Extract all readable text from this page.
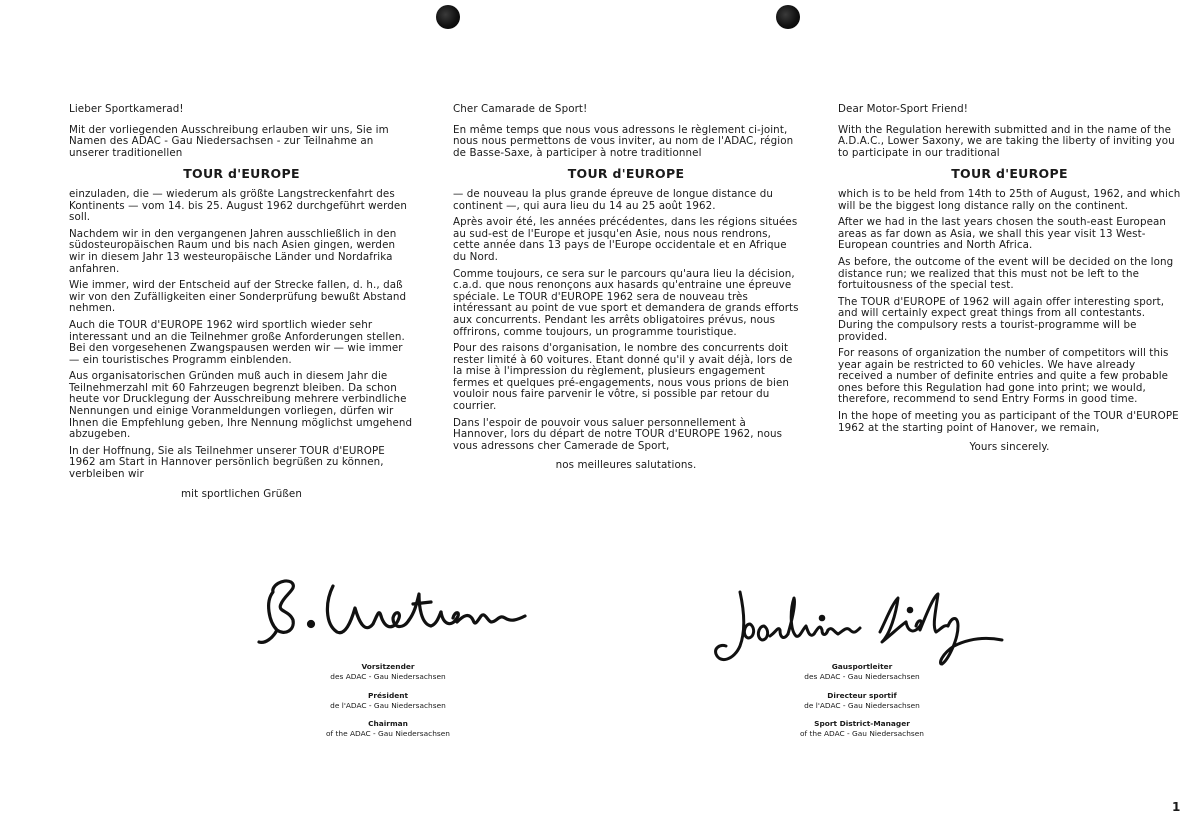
Lieber Sportkamerad!

Mit der vorliegenden Ausschreibung erlauben wir uns, Sie im Namen des ADAC - Gau Niedersachsen - zur Teilnahme an unserer traditionellen

TOUR d'EUROPE

einzuladen, die — wiederum als größte Langstreckenfahrt des Kontinents — vom 14. bis 25. August 1962 durchgeführt werden soll.

Nachdem wir in den vergangenen Jahren ausschließlich in den südosteuropäischen Raum und bis nach Asien gingen, werden wir in diesem Jahr 13 westeuropäische Länder und Nordafrika anfahren.

Wie immer, wird der Entscheid auf der Strecke fallen, d. h., daß wir von den Zufälligkeiten einer Sonderprüfung bewußt Abstand nehmen.

Auch die TOUR d'EUROPE 1962 wird sportlich wieder sehr interessant und an die Teilnehmer große Anforderungen stellen. Bei den vorgesehenen Zwangspausen werden wir — wie immer — ein touristisches Programm einblenden.

Aus organisatorischen Gründen muß auch in diesem Jahr die Teilnehmerzahl mit 60 Fahrzeugen begrenzt bleiben. Da schon heute vor Drucklegung der Ausschreibung mehrere verbindliche Nennungen und einige Voranmeldungen vorliegen, dürfen wir Ihnen die Empfehlung geben, Ihre Nennung möglichst umgehend abzugeben.

In der Hoffnung, Sie als Teilnehmer unserer TOUR d'EUROPE 1962 am Start in Hannover persönlich begrüßen zu können, verbleiben wir

mit sportlichen Grüßen

Cher Camarade de Sport!

En même temps que nous vous adressons le règlement ci-joint, nous nous permettons de vous inviter, au nom de l'ADAC, région de Basse-Saxe, à participer à notre traditionnel

TOUR d'EUROPE

— de nouveau la plus grande épreuve de longue distance du continent —, qui aura lieu du 14 au 25 août 1962.

Après avoir été, les années précédentes, dans les régions situées au sud-est de l'Europe et jusqu'en Asie, nous nous rendrons, cette année dans 13 pays de l'Europe occidentale et en Afrique du Nord.

Comme toujours, ce sera sur le parcours qu'aura lieu la décision, c.a.d. que nous renonçons aux hasards qu'entraine une épreuve spéciale. Le TOUR d'EUROPE 1962 sera de nouveau très intéressant au point de vue sport et demandera de grands efforts aux concurrents. Pendant les arrêts obligatoires prévus, nous offrirons, comme toujours, un programme touristique.

Pour des raisons d'organisation, le nombre des concurrents doit rester limité à 60 voitures. Etant donné qu'il y avait déjà, lors de la mise à l'impression du règlement, plusieurs engagement fermes et quelques pré-engagements, nous vous prions de bien vouloir nous faire parvenir le vôtre, si possible par retour du courrier.

Dans l'espoir de pouvoir vous saluer personnellement à Hannover, lors du départ de notre TOUR d'EUROPE 1962, nous vous adressons cher Camerade de Sport,

nos meilleures salutations.

Dear Motor-Sport Friend!

With the Regulation herewith submitted and in the name of the A.D.A.C., Lower Saxony, we are taking the liberty of inviting you to participate in our traditional

TOUR d'EUROPE

which is to be held from 14th to 25th of August, 1962, and which will be the biggest long distance rally on the continent.

After we had in the last years chosen the south-east European areas as far down as Asia, we shall this year visit 13 West-European countries and North Africa.

As before, the outcome of the event will be decided on the long distance run; we realized that this must not be left to the fortuitousness of the special test.

The TOUR d'EUROPE of 1962 will again offer interesting sport, and will certainly expect great things from all contestants. During the compulsory rests a tourist-programme will be provided.

For reasons of organization the number of competitors will this year again be restricted to 60 vehicles. We have already received a number of definite entries and quite a few probable ones before this Regulation had gone into print; we would, therefore, recommend to send Entry Forms in good time.

In the hope of meeting you as participant of the TOUR d'EUROPE 1962 at the starting point of Hanover, we remain,

Yours sincerely.

Vorsitzender
des ADAC - Gau Niedersachsen
Président
de l'ADAC - Gau Niedersachsen
Chairman
of the ADAC - Gau Niedersachsen
Gausportleiter
des ADAC - Gau Niedersachsen
Directeur sportif
de l'ADAC - Gau Niedersachsen
Sport District-Manager
of the ADAC - Gau Niedersachsen
1
